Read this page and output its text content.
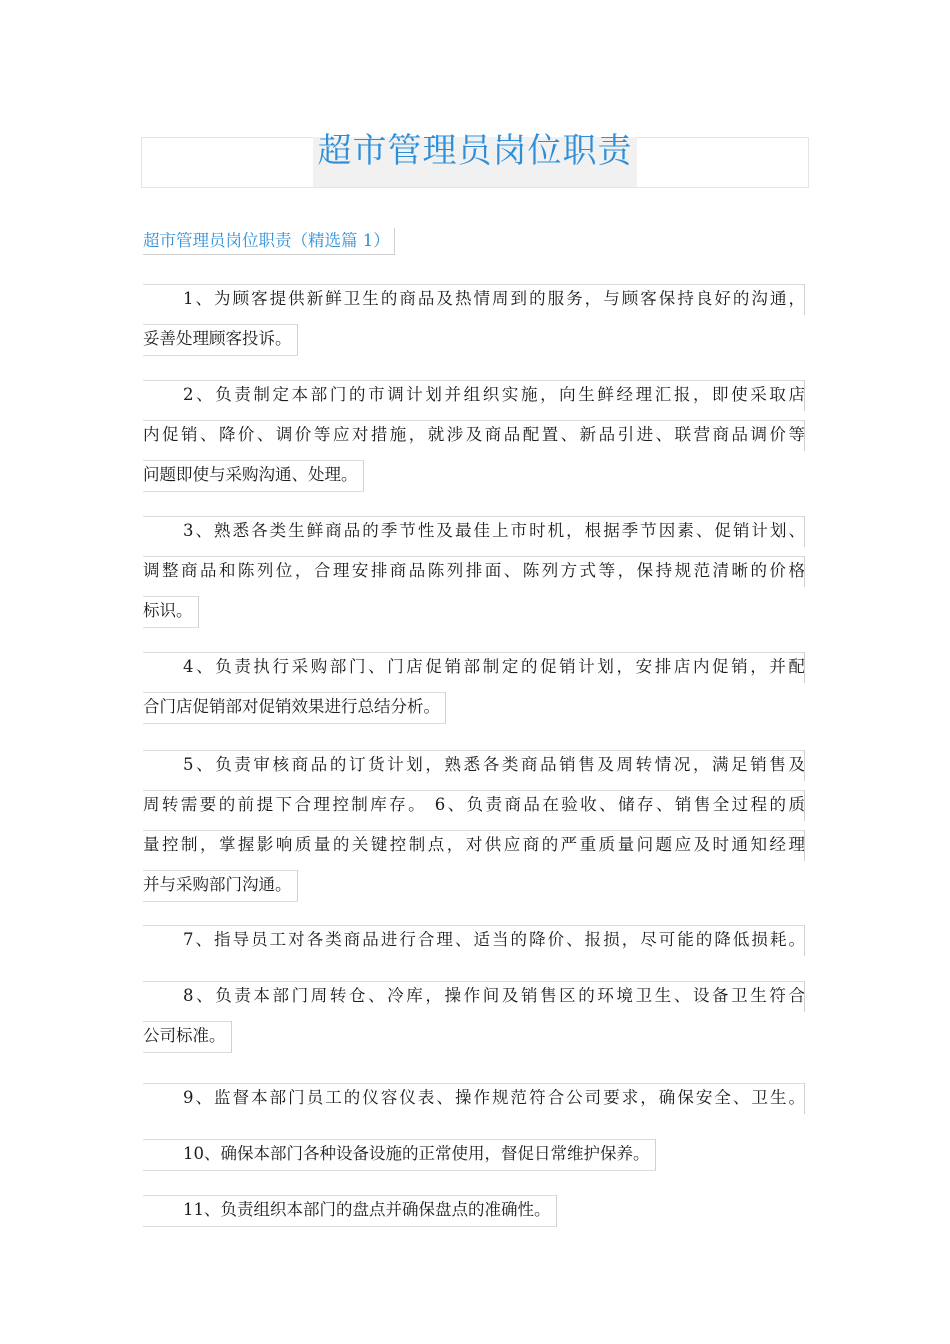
超市管理员岗位职责
超市管理员岗位职责（精选篇 1）
1、为顾客提供新鲜卫生的商品及热情周到的服务，与顾客保持良好的沟通，
妥善处理顾客投诉。

2、负责制定本部门的市调计划并组织实施，向生鲜经理汇报，即使采取店
内促销、降价、调价等应对措施，就涉及商品配置、新品引进、联营商品调价等
问题即使与采购沟通、处理。

3、熟悉各类生鲜商品的季节性及最佳上市时机，根据季节因素、促销计划、
调整商品和陈列位，合理安排商品陈列排面、陈列方式等，保持规范清晰的价格
标识。

4、负责执行采购部门、门店促销部制定的促销计划，安排店内促销，并配
合门店促销部对促销效果进行总结分析。

5、负责审核商品的订货计划，熟悉各类商品销售及周转情况，满足销售及
周转需要的前提下合理控制库存。 6、负责商品在验收、储存、销售全过程的质
量控制，掌握影响质量的关键控制点，对供应商的严重质量问题应及时通知经理
并与采购部门沟通。

7、指导员工对各类商品进行合理、适当的降价、报损，尽可能的降低损耗。
8、负责本部门周转仓、冷库，操作间及销售区的环境卫生、设备卫生符合
公司标准。

9、监督本部门员工的仪容仪表、操作规范符合公司要求，确保安全、卫生。
10、确保本部门各种设备设施的正常使用，督促日常维护保养。

11、负责组织本部门的盘点并确保盘点的准确性。
